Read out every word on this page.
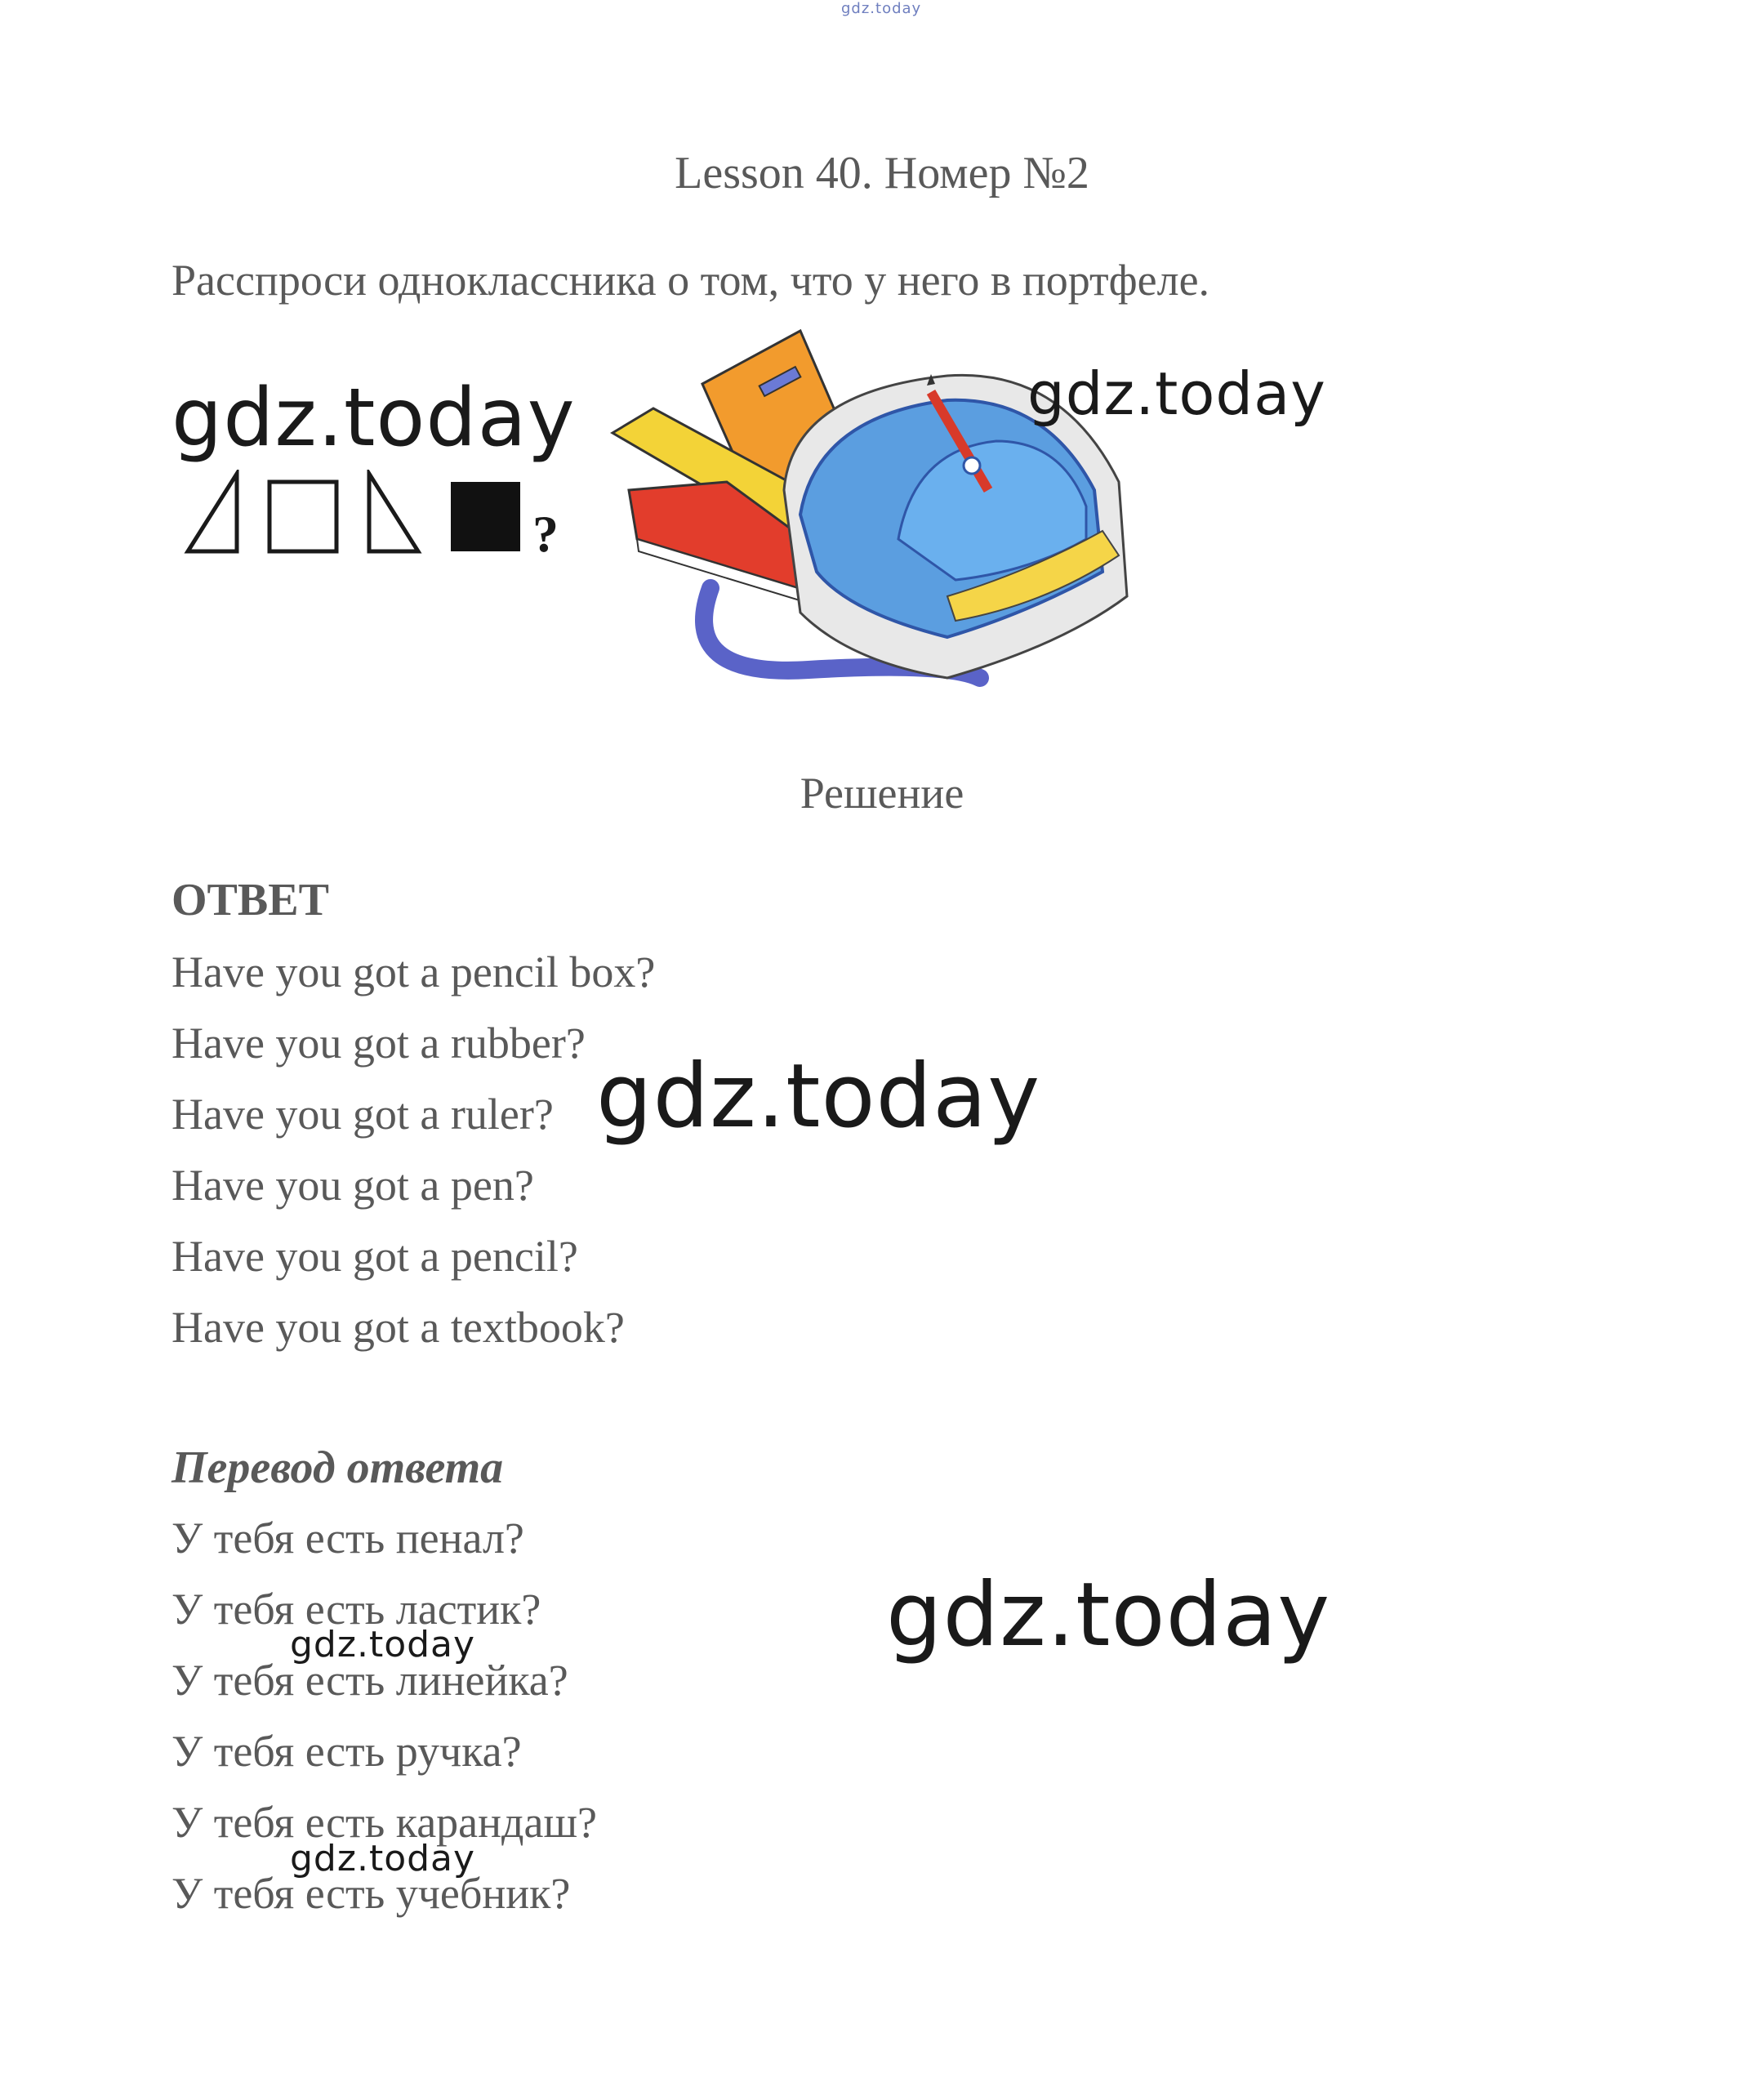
gdz.today
Lesson 40. Номер №2
Расспроси одноклассника о том, что у него в портфеле.
gdz.today
?
gdz.today
Решение
ОТВЕТ
Have you got a pencil box?
Have you got a rubber?
Have you got a ruler?
Have you got a pen?
Have you got a pencil?
Have you got a textbook?
gdz.today
Перевод ответа
У тебя есть пенал?
У тебя есть ластик?
У тебя есть линейка?
У тебя есть ручка?
У тебя есть карандаш?
У тебя есть учебник?
gdz.today
gdz.today
gdz.today
